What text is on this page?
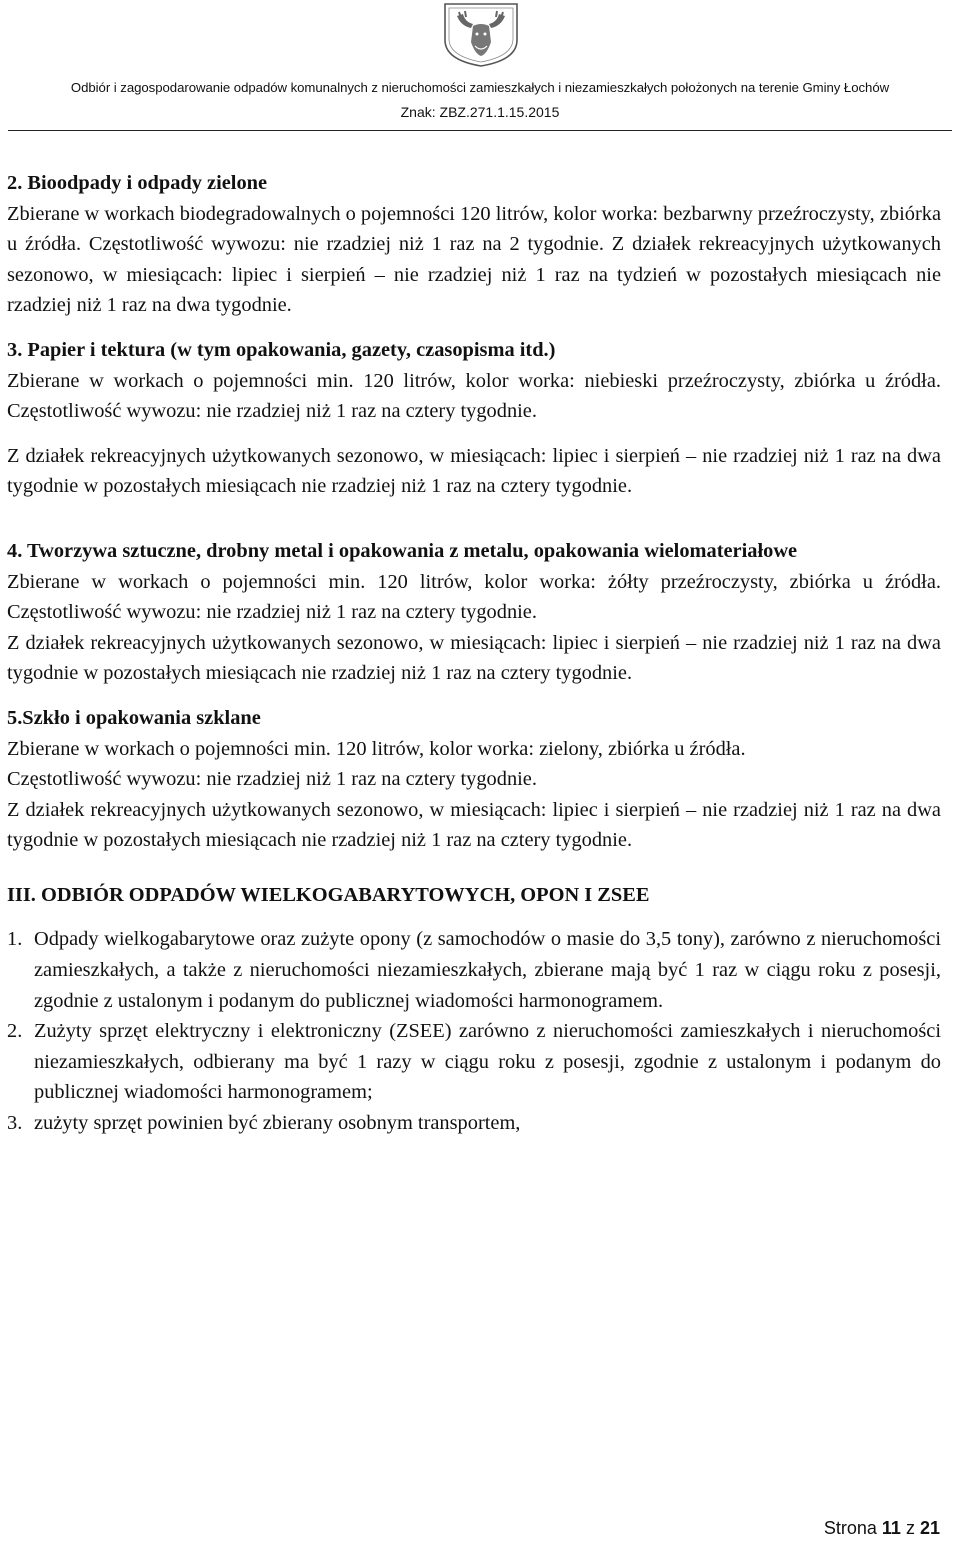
Odbiór i zagospodarowanie odpadów komunalnych z nieruchomości zamieszkałych i niezamieszkałych położonych na terenie Gminy Łochów
Znak: ZBZ.271.1.15.2015

2. Bioodpady i odpady zielone

Zbierane w workach biodegradowalnych o pojemności 120 litrów, kolor worka: bezbarwny przeźroczysty, zbiórka u źródła. Częstotliwość wywozu: nie rzadziej niż 1 raz na 2 tygodnie. Z działek rekreacyjnych użytkowanych sezonowo, w miesiącach: lipiec i sierpień – nie rzadziej niż 1 raz na tydzień w pozostałych miesiącach nie rzadziej niż 1 raz na dwa tygodnie.

3. Papier i tektura (w tym opakowania, gazety, czasopisma itd.)

Zbierane w workach o pojemności min. 120 litrów, kolor worka: niebieski przeźroczysty, zbiórka u źródła. Częstotliwość wywozu: nie rzadziej niż 1 raz na cztery tygodnie.

Z działek rekreacyjnych użytkowanych sezonowo, w miesiącach: lipiec i sierpień – nie rzadziej niż 1 raz na dwa tygodnie w pozostałych miesiącach nie rzadziej niż 1 raz na cztery tygodnie.

4. Tworzywa sztuczne, drobny metal i opakowania z metalu, opakowania wielomateriałowe

Zbierane w workach o pojemności min. 120 litrów, kolor worka: żółty przeźroczysty, zbiórka u źródła. Częstotliwość wywozu: nie rzadziej niż 1 raz na cztery tygodnie.

Z działek rekreacyjnych użytkowanych sezonowo, w miesiącach: lipiec i sierpień – nie rzadziej niż 1 raz na dwa tygodnie w pozostałych miesiącach nie rzadziej niż 1 raz na cztery tygodnie.

5.Szkło i opakowania szklane

Zbierane w workach o pojemności min. 120 litrów, kolor worka: zielony, zbiórka u źródła.

Częstotliwość wywozu: nie rzadziej niż 1 raz na cztery tygodnie.

Z działek rekreacyjnych użytkowanych sezonowo, w miesiącach: lipiec i sierpień – nie rzadziej niż 1 raz na dwa tygodnie w pozostałych miesiącach nie rzadziej niż 1 raz na cztery tygodnie.

III. ODBIÓR ODPADÓW WIELKOGABARYTOWYCH, OPON I ZSEE

1. Odpady wielkogabarytowe oraz zużyte opony (z samochodów o masie do 3,5 tony), zarówno z nieruchomości zamieszkałych, a także z nieruchomości niezamieszkałych, zbierane mają być 1 raz w ciągu roku z posesji, zgodnie z ustalonym i podanym do publicznej wiadomości harmonogramem.
2. Zużyty sprzęt elektryczny i elektroniczny (ZSEE) zarówno z nieruchomości zamieszkałych i nieruchomości niezamieszkałych, odbierany ma być 1 razy w ciągu roku z posesji, zgodnie z ustalonym i podanym do publicznej wiadomości harmonogramem;
3. zużyty sprzęt powinien być zbierany osobnym transportem,
Strona 11 z 21
